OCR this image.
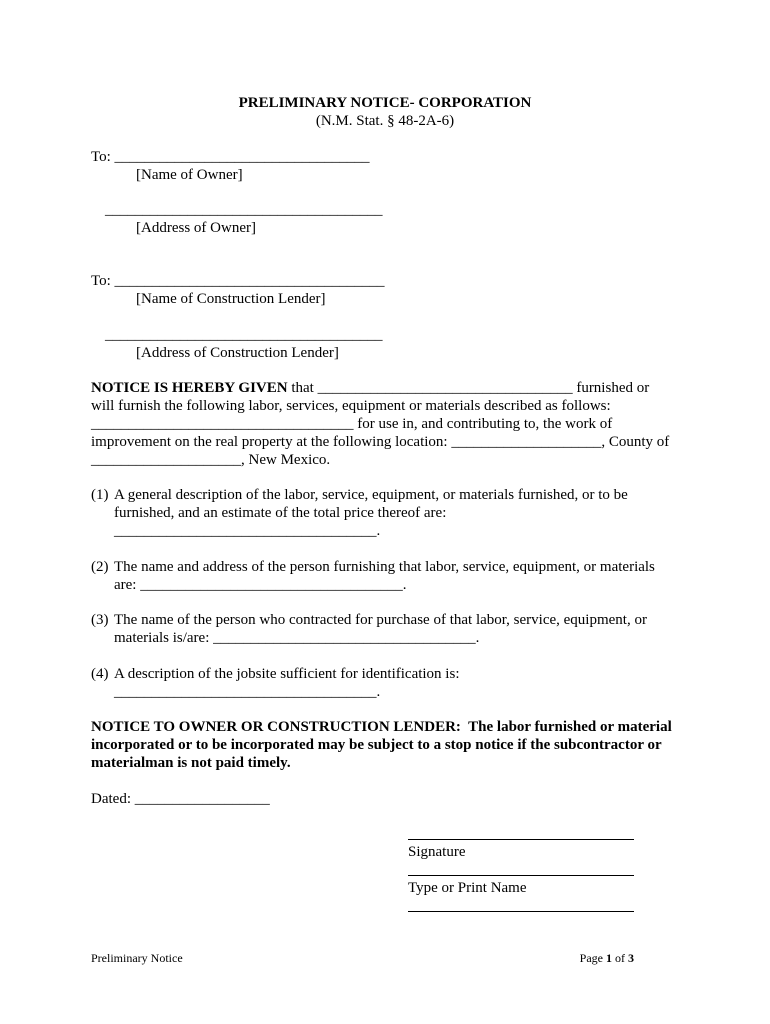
PRELIMINARY NOTICE- CORPORATION
(N.M. Stat. § 48-2A-6)
To: __________________________________
[Name of Owner]
_____________________________________
[Address of Owner]
To: ____________________________________
[Name of Construction Lender]
_____________________________________
[Address of Construction Lender]
NOTICE IS HEREBY GIVEN that __________________________________ furnished or
will furnish the following labor, services, equipment or materials described as follows:
___________________________________ for use in, and contributing to, the work of
improvement on the real property at the following location: ____________________, County of
____________________, New Mexico.
(1) A general description of the labor, service, equipment, or materials furnished, or to be
furnished, and an estimate of the total price thereof are:
___________________________________.
(2) The name and address of the person furnishing that labor, service, equipment, or materials
are: ___________________________________.
(3) The name of the person who contracted for purchase of that labor, service, equipment, or
materials is/are: ___________________________________.
(4) A description of the jobsite sufficient for identification is:
___________________________________.
NOTICE TO OWNER OR CONSTRUCTION LENDER:  The labor furnished or material
incorporated or to be incorporated may be subject to a stop notice if the subcontractor or
materialman is not paid timely.
Dated: __________________
Signature
Type or Print Name
Preliminary Notice	Page 1 of 3
